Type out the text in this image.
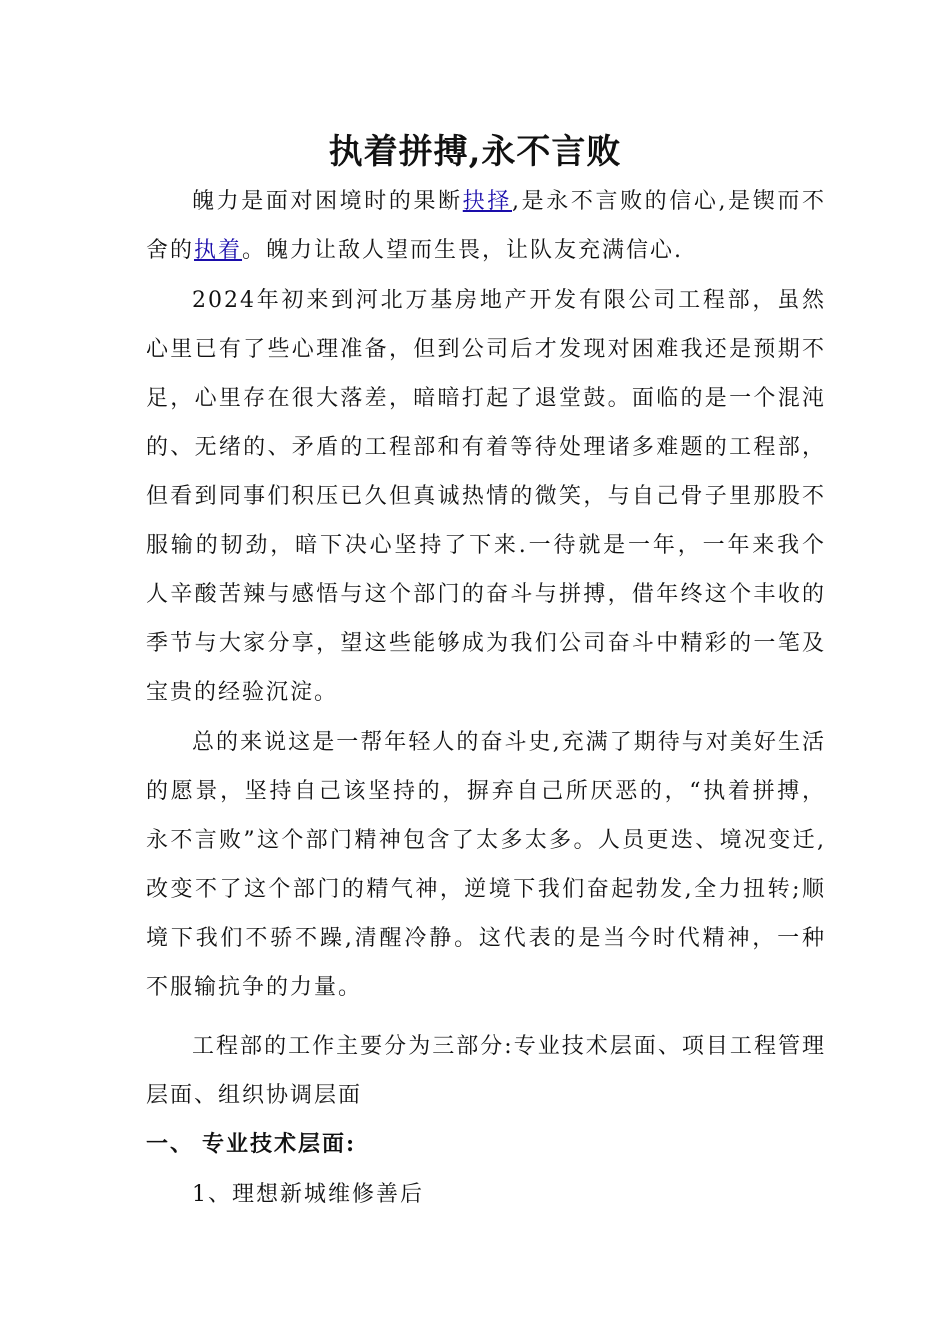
执着拼搏,永不言败
魄力是面对困境时的果断抉择,是永不言败的信心,是锲而不舍的执着。魄力让敌人望而生畏，让队友充满信心.
2024年初来到河北万基房地产开发有限公司工程部，虽然心里已有了些心理准备，但到公司后才发现对困难我还是预期不足，心里存在很大落差，暗暗打起了退堂鼓。面临的是一个混沌的、无绪的、矛盾的工程部和有着等待处理诸多难题的工程部，但看到同事们积压已久但真诚热情的微笑，与自己骨子里那股不服输的韧劲，暗下决心坚持了下来.一待就是一年，一年来我个人辛酸苦辣与感悟与这个部门的奋斗与拼搏，借年终这个丰收的季节与大家分享，望这些能够成为我们公司奋斗中精彩的一笔及宝贵的经验沉淀。
总的来说这是一帮年轻人的奋斗史,充满了期待与对美好生活的愿景，坚持自己该坚持的，摒弃自己所厌恶的，“执着拼搏，永不言败”这个部门精神包含了太多太多。人员更迭、境况变迁,改变不了这个部门的精气神，逆境下我们奋起勃发,全力扭转;顺境下我们不骄不躁,清醒冷静。这代表的是当今时代精神，一种不服输抗争的力量。
工程部的工作主要分为三部分:专业技术层面、项目工程管理层面、组织协调层面
一、 专业技术层面:
1、理想新城维修善后
